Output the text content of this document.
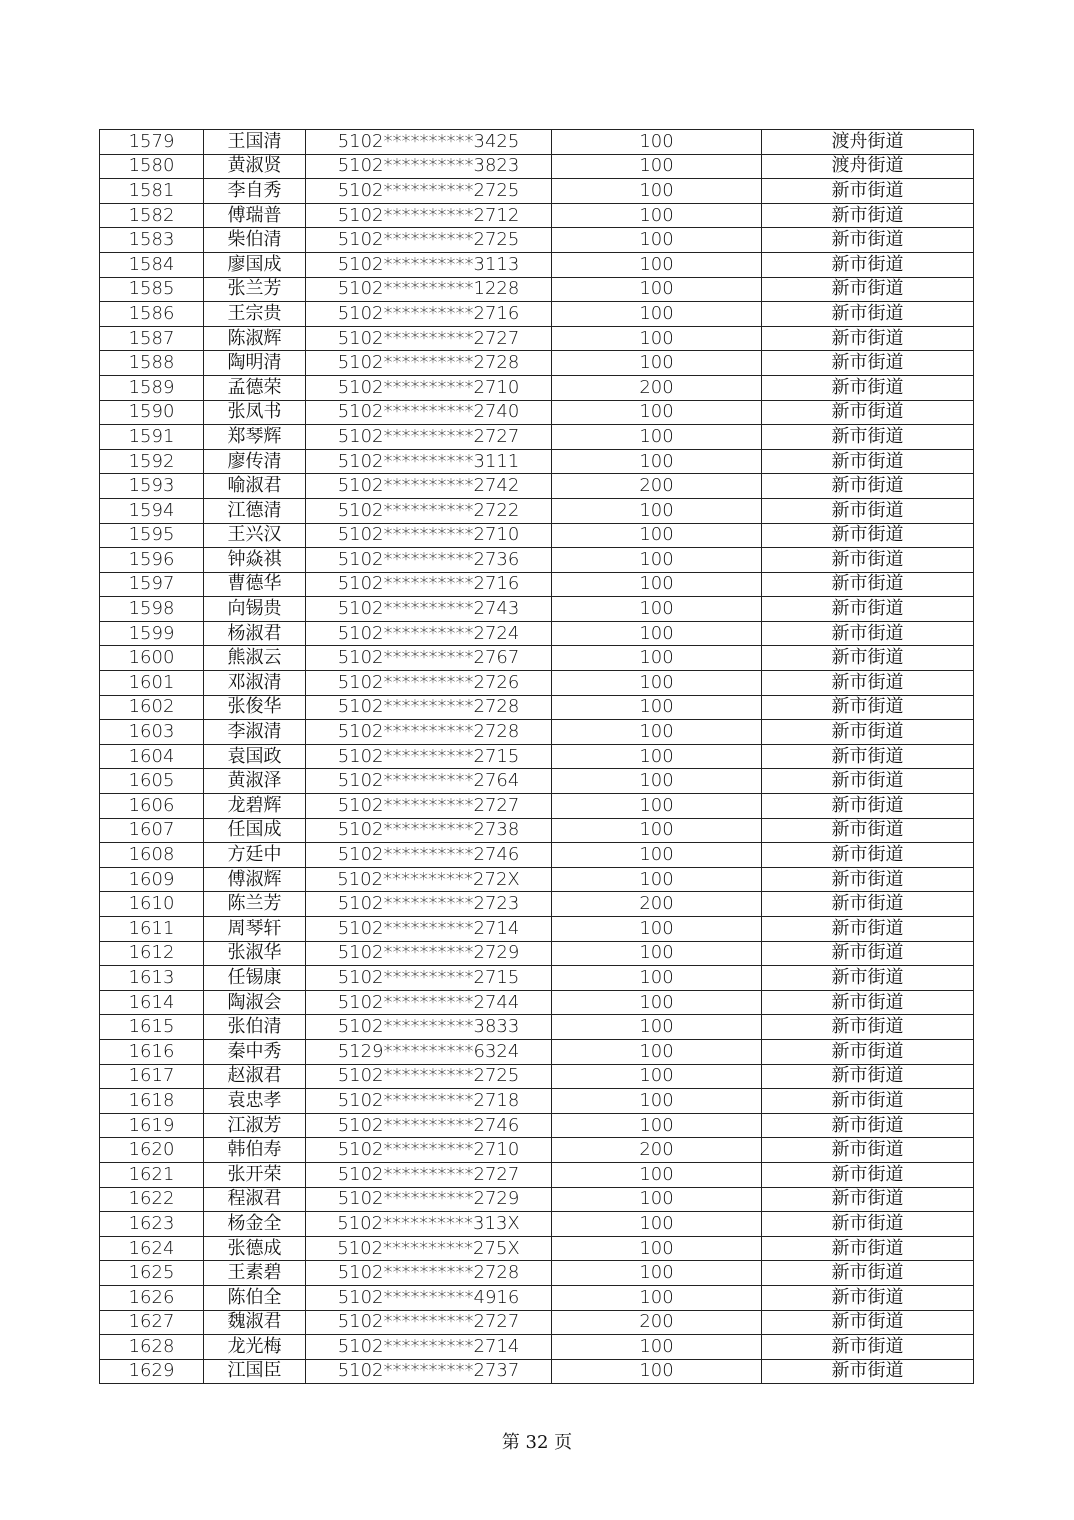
1579	王国清	5102**********3425	100	渡舟街道
1580	黄淑贤	5102**********3823	100	渡舟街道
1581	李自秀	5102**********2725	100	新市街道
1582	傅瑞普	5102**********2712	100	新市街道
1583	柴伯清	5102**********2725	100	新市街道
1584	廖国成	5102**********3113	100	新市街道
1585	张兰芳	5102**********1228	100	新市街道
1586	王宗贵	5102**********2716	100	新市街道
1587	陈淑辉	5102**********2727	100	新市街道
1588	陶明清	5102**********2728	100	新市街道
1589	孟德荣	5102**********2710	200	新市街道
1590	张凤书	5102**********2740	100	新市街道
1591	郑琴辉	5102**********2727	100	新市街道
1592	廖传清	5102**********3111	100	新市街道
1593	喻淑君	5102**********2742	200	新市街道
1594	江德清	5102**********2722	100	新市街道
1595	王兴汉	5102**********2710	100	新市街道
1596	钟焱祺	5102**********2736	100	新市街道
1597	曹德华	5102**********2716	100	新市街道
1598	向锡贵	5102**********2743	100	新市街道
1599	杨淑君	5102**********2724	100	新市街道
1600	熊淑云	5102**********2767	100	新市街道
1601	邓淑清	5102**********2726	100	新市街道
1602	张俊华	5102**********2728	100	新市街道
1603	李淑清	5102**********2728	100	新市街道
1604	袁国政	5102**********2715	100	新市街道
1605	黄淑泽	5102**********2764	100	新市街道
1606	龙碧辉	5102**********2727	100	新市街道
1607	任国成	5102**********2738	100	新市街道
1608	方廷中	5102**********2746	100	新市街道
1609	傅淑辉	5102**********272X	100	新市街道
1610	陈兰芳	5102**********2723	200	新市街道
1611	周琴轩	5102**********2714	100	新市街道
1612	张淑华	5102**********2729	100	新市街道
1613	任锡康	5102**********2715	100	新市街道
1614	陶淑会	5102**********2744	100	新市街道
1615	张伯清	5102**********3833	100	新市街道
1616	秦中秀	5129**********6324	100	新市街道
1617	赵淑君	5102**********2725	100	新市街道
1618	袁忠孝	5102**********2718	100	新市街道
1619	江淑芳	5102**********2746	100	新市街道
1620	韩伯寿	5102**********2710	200	新市街道
1621	张开荣	5102**********2727	100	新市街道
1622	程淑君	5102**********2729	100	新市街道
1623	杨金全	5102**********313X	100	新市街道
1624	张德成	5102**********275X	100	新市街道
1625	王素碧	5102**********2728	100	新市街道
1626	陈伯全	5102**********4916	100	新市街道
1627	魏淑君	5102**********2727	200	新市街道
1628	龙光梅	5102**********2714	100	新市街道
1629	江国臣	5102**********2737	100	新市街道
第 32 页
